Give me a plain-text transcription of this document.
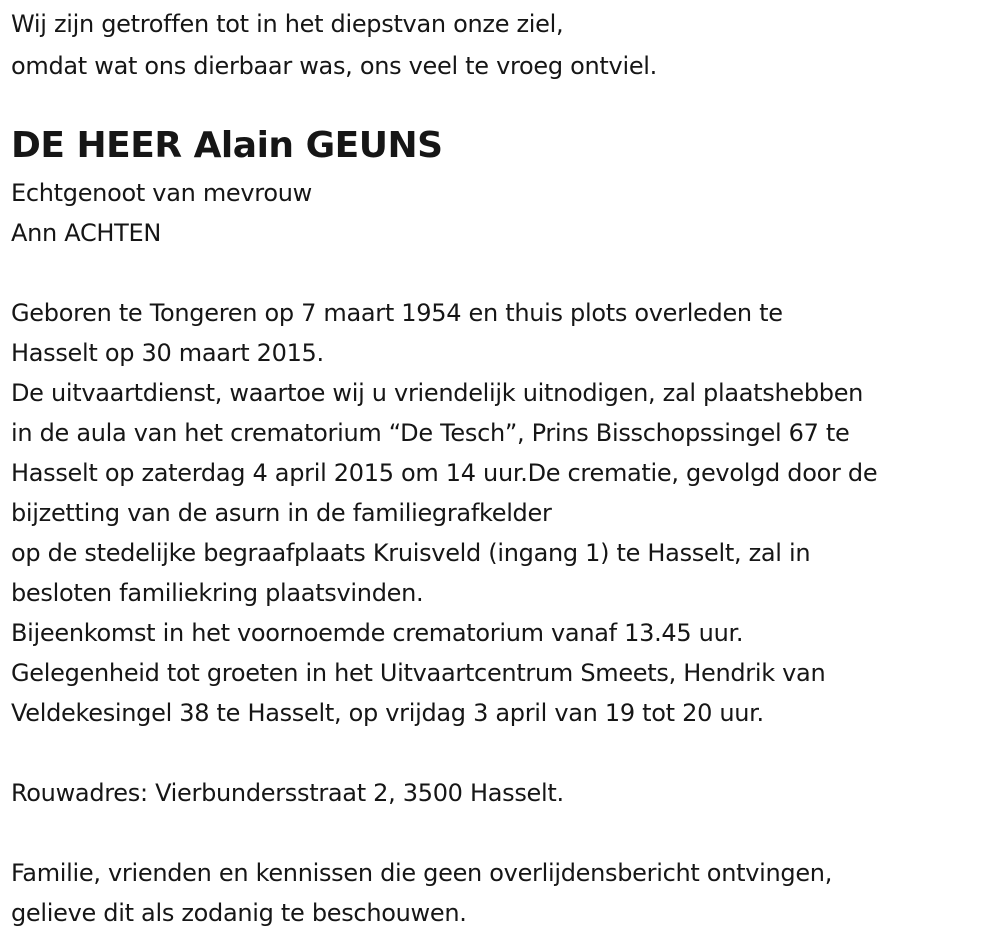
Wij zijn getroffen tot in het diepstvan onze ziel,

omdat wat ons dierbaar was, ons veel te vroeg ontviel.

DE HEER Alain GEUNS

Echtgenoot van mevrouw

Ann ACHTEN

Geboren te Tongeren op 7 maart 1954 en thuis plots overleden te

Hasselt op 30 maart 2015.

De uitvaartdienst, waartoe wij u vriendelijk uitnodigen, zal plaatshebben

in de aula van het crematorium “De Tesch”, Prins Bisschopssingel 67 te

Hasselt op zaterdag 4 april 2015 om 14 uur.De crematie, gevolgd door de

bijzetting van de asurn in de familiegrafkelder

op de stedelijke begraafplaats Kruisveld (ingang 1) te Hasselt, zal in

besloten familiekring plaatsvinden.

Bijeenkomst in het voornoemde crematorium vanaf 13.45 uur.

Gelegenheid tot groeten in het Uitvaartcentrum Smeets, Hendrik van

Veldekesingel 38 te Hasselt, op vrijdag 3 april van 19 tot 20 uur.

Rouwadres: Vierbundersstraat 2, 3500 Hasselt.

Familie, vrienden en kennissen die geen overlijdensbericht ontvingen,

gelieve dit als zodanig te beschouwen.
